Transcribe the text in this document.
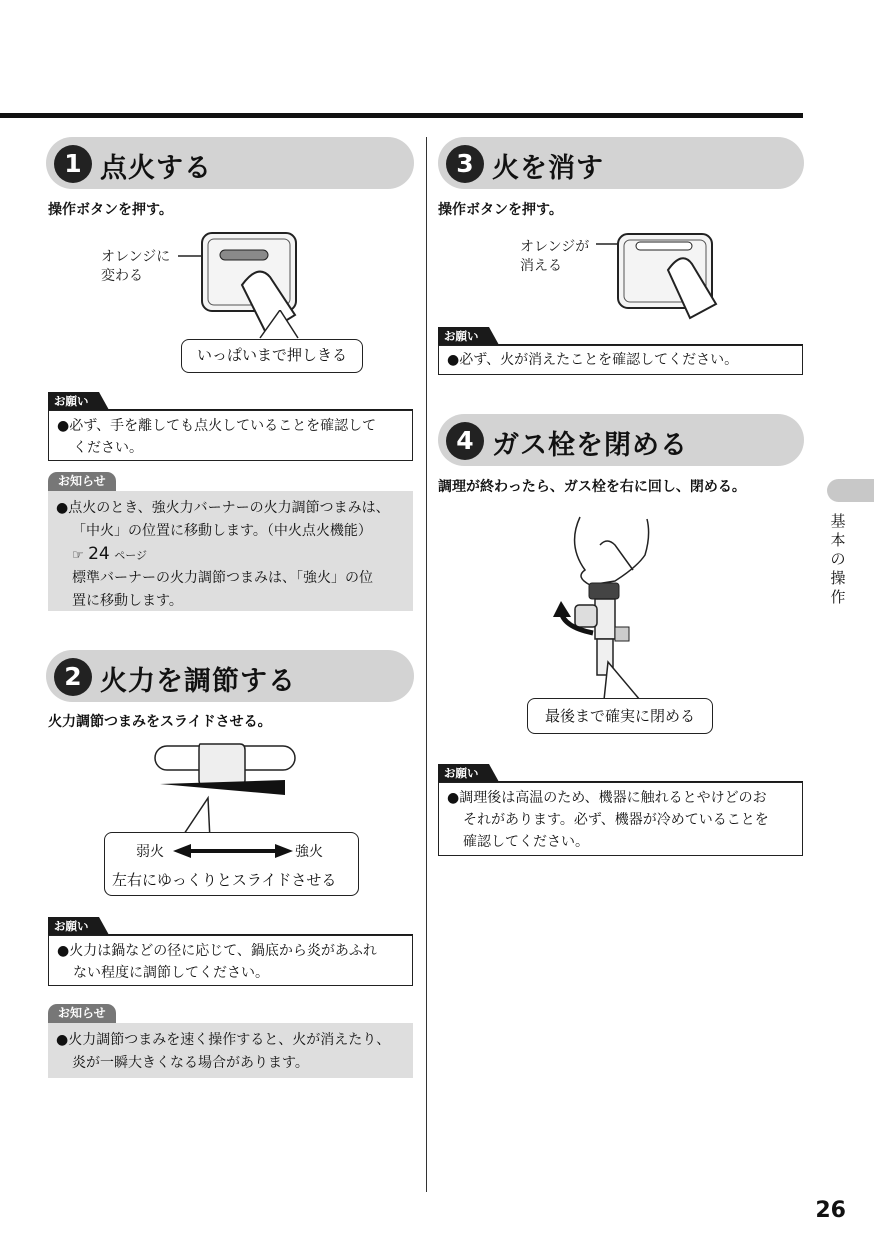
1 点火する
操作ボタンを押す。
オレンジに
変わる
いっぱいまで押しきる
お願い
●必ず、手を離しても点火していることを確認して
ください。
お知らせ
●点火のとき、強火力バーナーの火力調節つまみは、
「中火」の位置に移動します。（中火点火機能）
☞ 24 ページ
標準バーナーの火力調節つまみは、「強火」の位
置に移動します。
2 火力を調節する
火力調節つまみをスライドさせる。
弱火	強火
左右にゆっくりとスライドさせる
お願い
●火力は鍋などの径に応じて、鍋底から炎があふれ
ない程度に調節してください。
お知らせ
●火力調節つまみを速く操作すると、火が消えたり、
炎が一瞬大きくなる場合があります。
3 火を消す
操作ボタンを押す。
オレンジが
消える
お願い
●必ず、火が消えたことを確認してください。
4 ガス栓を閉める
調理が終わったら、ガス栓を右に回し、閉める。
最後まで確実に閉める
お願い
●調理後は高温のため、機器に触れるとやけどのお
それがあります。必ず、機器が冷めていることを
確認してください。
基本の操作
26
